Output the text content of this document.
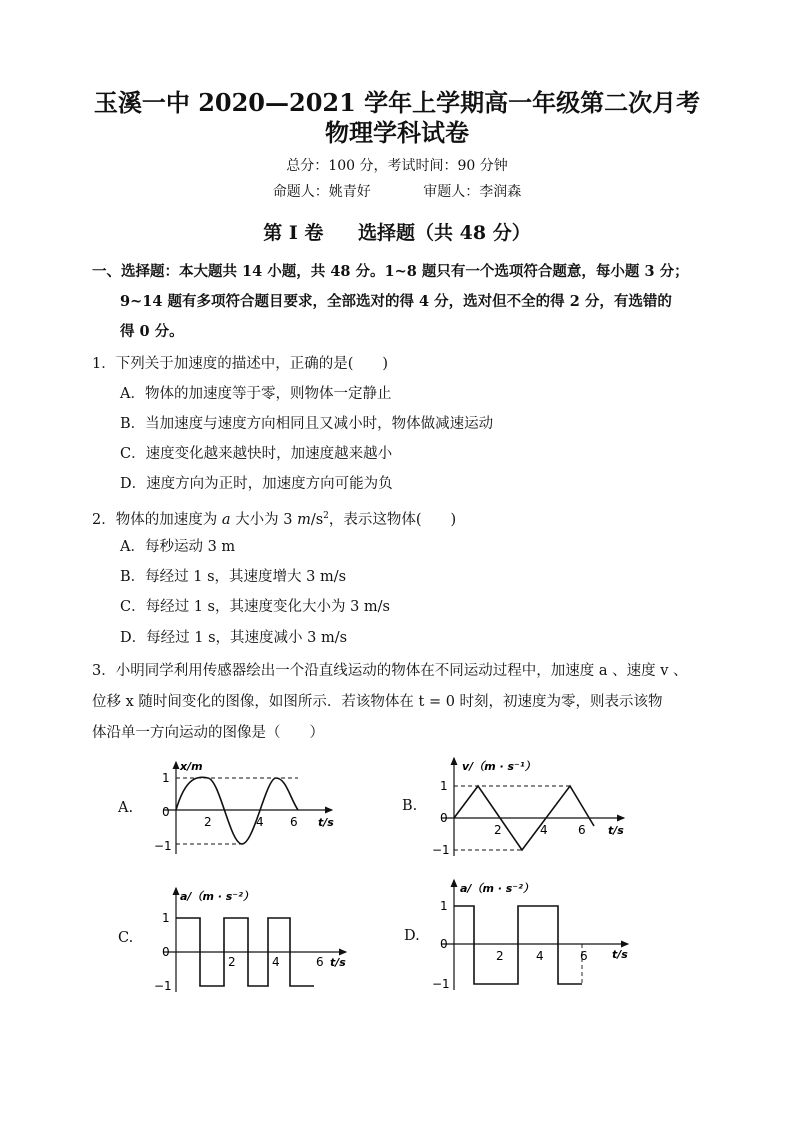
玉溪一中 2020—2021 学年上学期高一年级第二次月考
物理学科试卷
总分：100 分，考试时间：90 分钟
命题人：姚青好	审题人：李润森
第 I 卷 选择题（共 48 分）
一、选择题：本大题共 14 小题，共 48 分。1~8 题只有一个选项符合题意，每小题 3 分；
9~14 题有多项符合题目要求，全部选对的得 4 分，选对但不全的得 2 分，有选错的
得 0 分。
1．下列关于加速度的描述中，正确的是(　　)
A．物体的加速度等于零，则物体一定静止
B．当加速度与速度方向相同且又减小时，物体做减速运动
C．速度变化越来越快时，加速度越来越小
D．速度方向为正时，加速度方向可能为负
2．物体的加速度为 a 大小为 3 $m/s^2$，表示这物体(　　)
A．每秒运动 3 m
B．每经过 1 s，其速度增大 3 m/s
C．每经过 1 s，其速度变化大小为 3 m/s
D．每经过 1 s，其速度减小 3 m/s
3．小明同学利用传感器绘出一个沿直线运动的物体在不同运动过程中，加速度 a 、速度 v 、
位移 x 随时间变化的图像，如图所示．若该物体在 t = 0 时刻，初速度为零，则表示该物
体沿单一方向运动的图像是（　　）
A.
x/m
t/s
1
0
−1
2	4 6
B.
v/（m · s⁻¹）
t/s
1
0
−1
2	4	6
C.
a/（m · s⁻²）
t/s
1
0
−1
2	4	6
D.
a/（m · s⁻²）
t/s
1
0
−1
2	4	6
